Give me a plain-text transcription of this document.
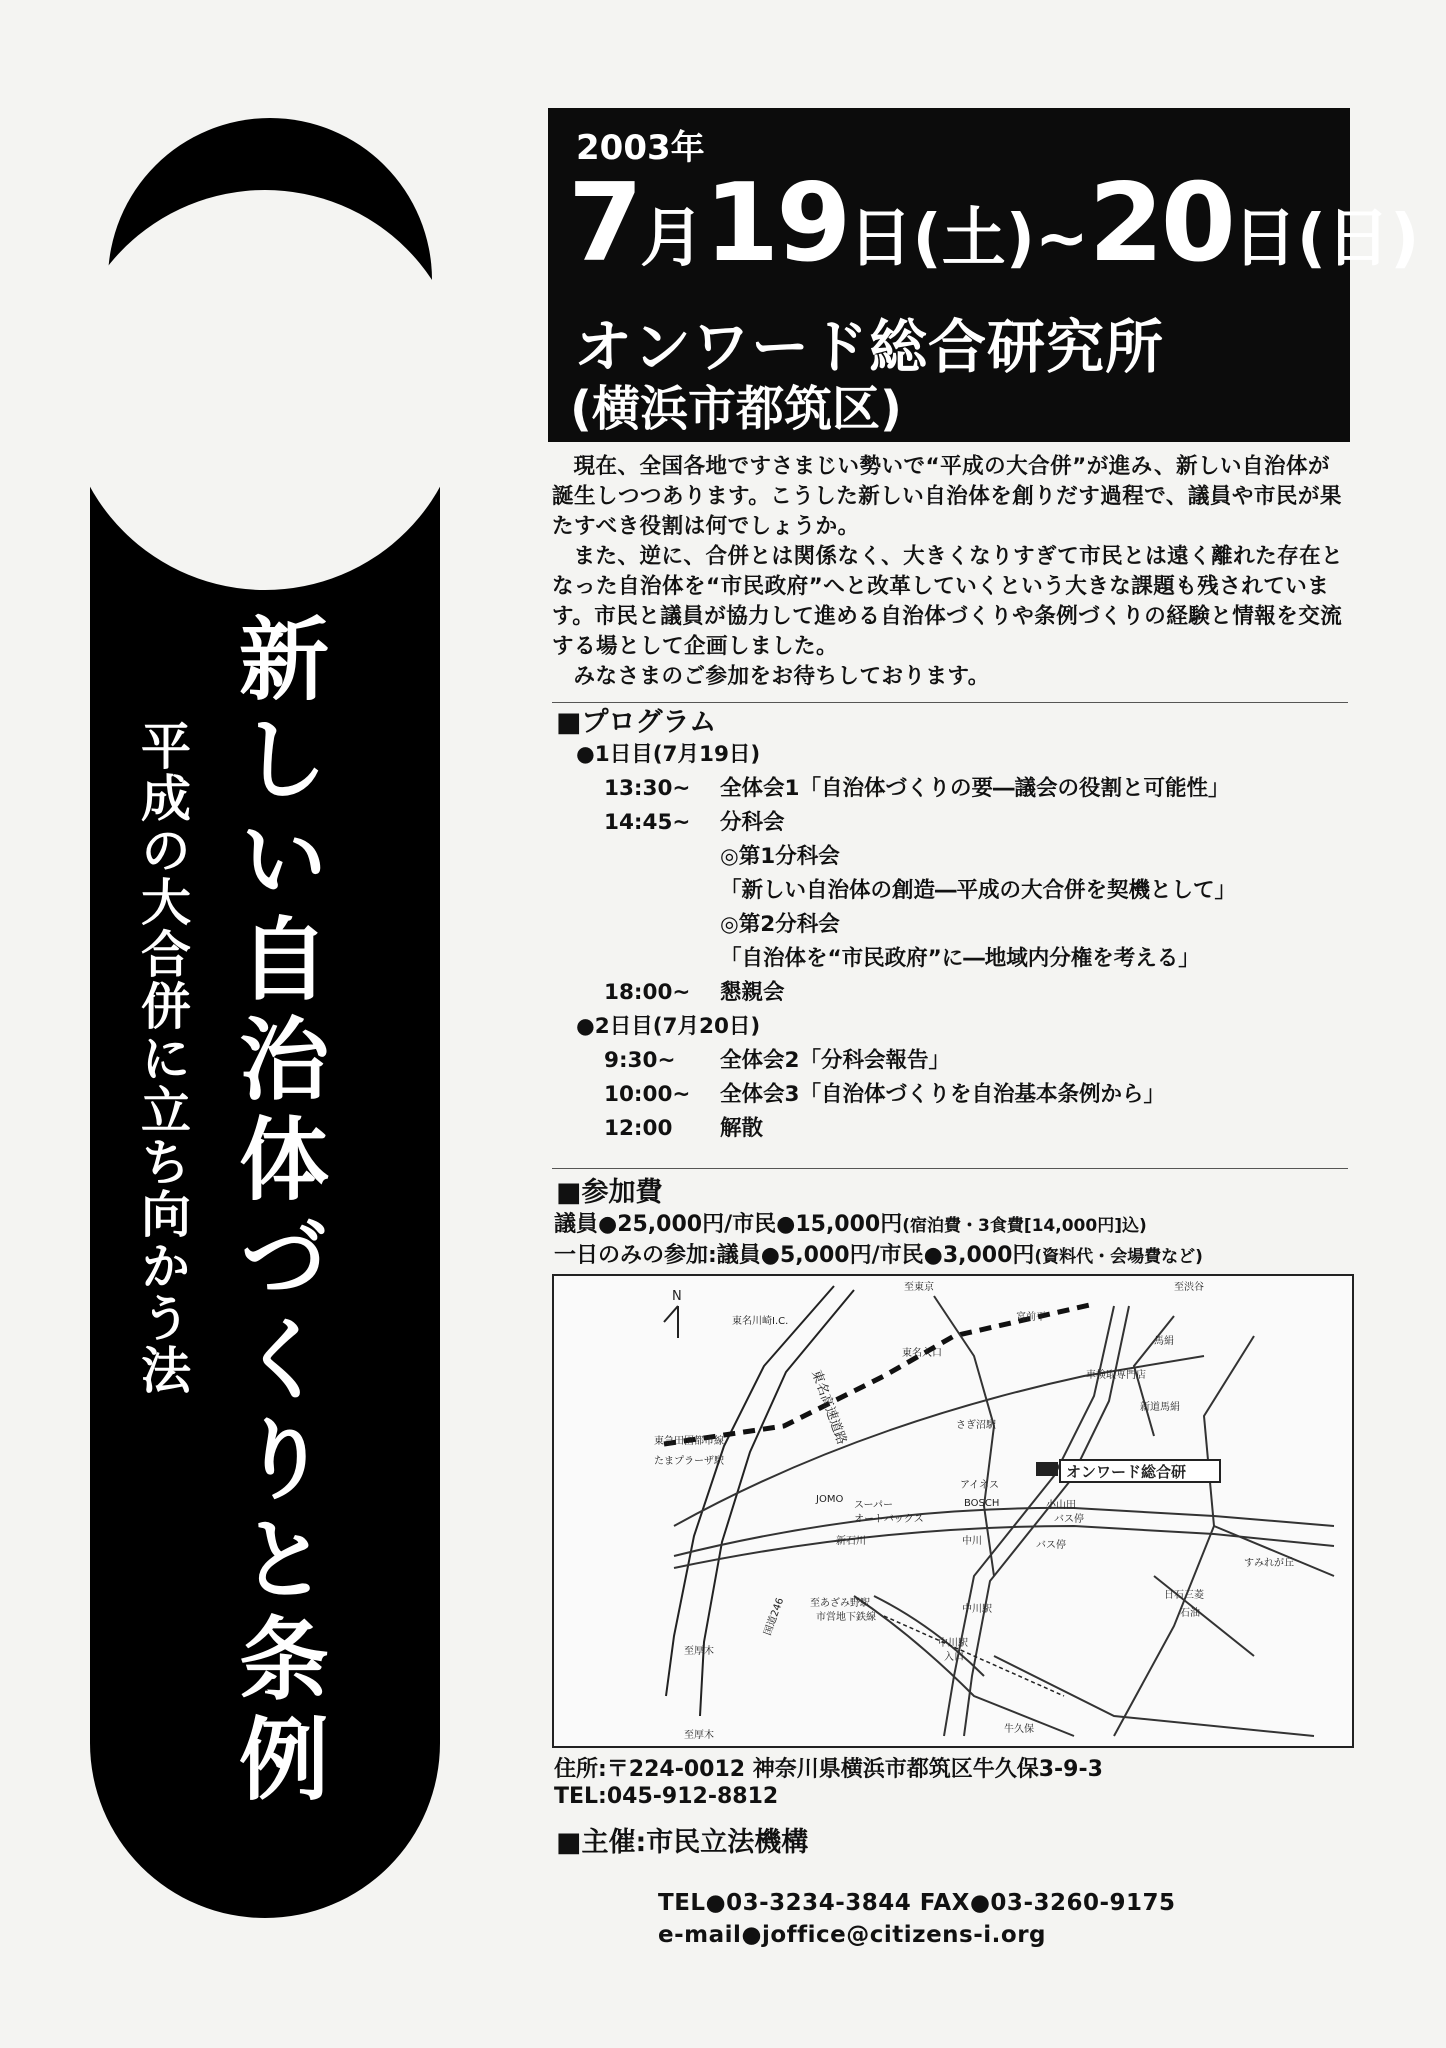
新しい自治体づくりと条例
平成の大合併に立ち向かう法
2003年
7月19日(土)~20日(日)
オンワード総合研究所
(横浜市都筑区)

現在、全国各地ですさまじい勢いで“平成の大合併”が進み、新しい自治体が誕生しつつあります。こうした新しい自治体を創りだす過程で、議員や市民が果たすべき役割は何でしょうか。

また、逆に、合併とは関係なく、大きくなりすぎて市民とは遠く離れた存在となった自治体を“市民政府”へと改革していくという大きな課題も残されています。市民と議員が協力して進める自治体づくりや条例づくりの経験と情報を交流する場として企画しました。

みなさまのご参加をお待ちしております。

■プログラム
●1日目(7月19日)
13:30~	全体会1「自治体づくりの要―議会の役割と可能性」
14:45~	分科会
◎第1分科会
「新しい自治体の創造―平成の大合併を契機として」
◎第2分科会
「自治体を“市民政府”に―地域内分権を考える」
18:00~	懇親会
●2日目(7月20日)
9:30~	全体会2「分科会報告」
10:00~	全体会3「自治体づくりを自治基本条例から」
12:00	解散
■参加費
議員●25,000円/市民●15,000円(宿泊費・3食費[14,000円]込)
一日のみの参加:議員●5,000円/市民●3,000円(資料代・会場費など)
N
オンワード総合研
至東京	至渋谷
東名川崎I.C.
東名入口
宮前平
馬絹
車検取専門店
新道馬絹
さぎ沼駅
東急田園都市線
たまプラーザ駅
東名高速道路
アイネス
BOSCH	小山田
バス停
JOMO
スーパー
オートバックス
新石川	中川	バス停
すみれが丘
日石三菱
石油
至あざみ野駅
市営地下鉄線
国道246	中川駅
中川駅
入口
牛久保
至厚木
至厚木
住所:〒224-0012 神奈川県横浜市都筑区牛久保3-9-3
TEL:045-912-8812
■主催:市民立法機構
TEL●03-3234-3844 FAX●03-3260-9175
e-mail●joffice@citizens-i.org
